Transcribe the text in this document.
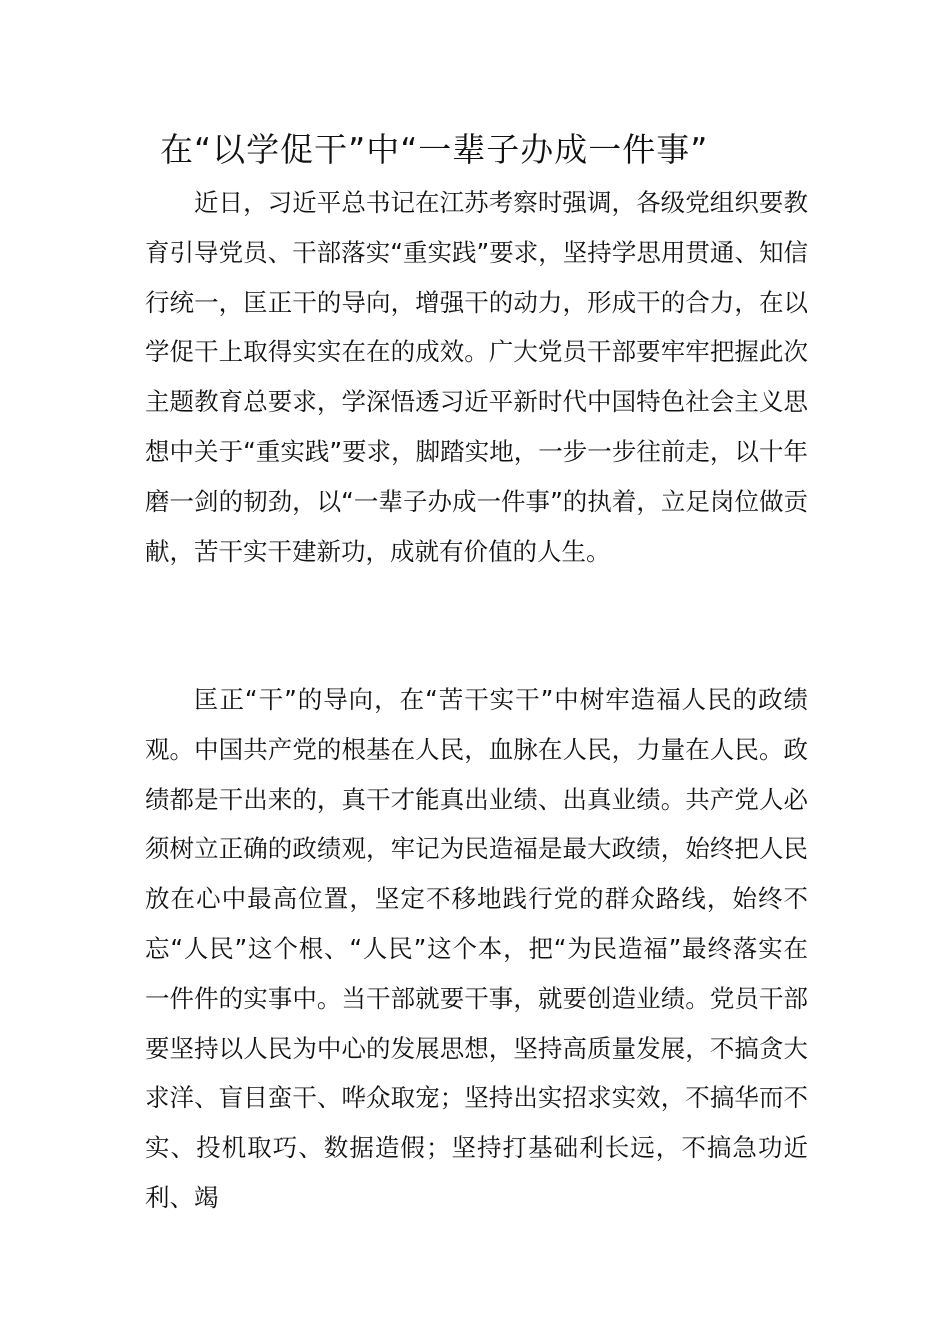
在“以学促干”中“一辈子办成一件事”

近日，习近平总书记在江苏考察时强调，各级党组织要教育引导党员、干部落实“重实践”要求，坚持学思用贯通、知信行统一，匡正干的导向，增强干的动力，形成干的合力，在以学促干上取得实实在在的成效。广大党员干部要牢牢把握此次主题教育总要求，学深悟透习近平新时代中国特色社会主义思想中关于“重实践”要求，脚踏实地，一步一步往前走，以十年磨一剑的韧劲，以“一辈子办成一件事”的执着，立足岗位做贡献，苦干实干建新功，成就有价值的人生。

匡正“干”的导向，在“苦干实干”中树牢造福人民的政绩观。中国共产党的根基在人民，血脉在人民，力量在人民。政绩都是干出来的，真干才能真出业绩、出真业绩。共产党人必须树立正确的政绩观，牢记为民造福是最大政绩，始终把人民放在心中最高位置，坚定不移地践行党的群众路线，始终不忘“人民”这个根、“人民”这个本，把“为民造福”最终落实在一件件的实事中。当干部就要干事，就要创造业绩。党员干部要坚持以人民为中心的发展思想，坚持高质量发展，不搞贪大求洋、盲目蛮干、哗众取宠；坚持出实招求实效，不搞华而不实、投机取巧、数据造假；坚持打基础利长远，不搞急功近利、竭
